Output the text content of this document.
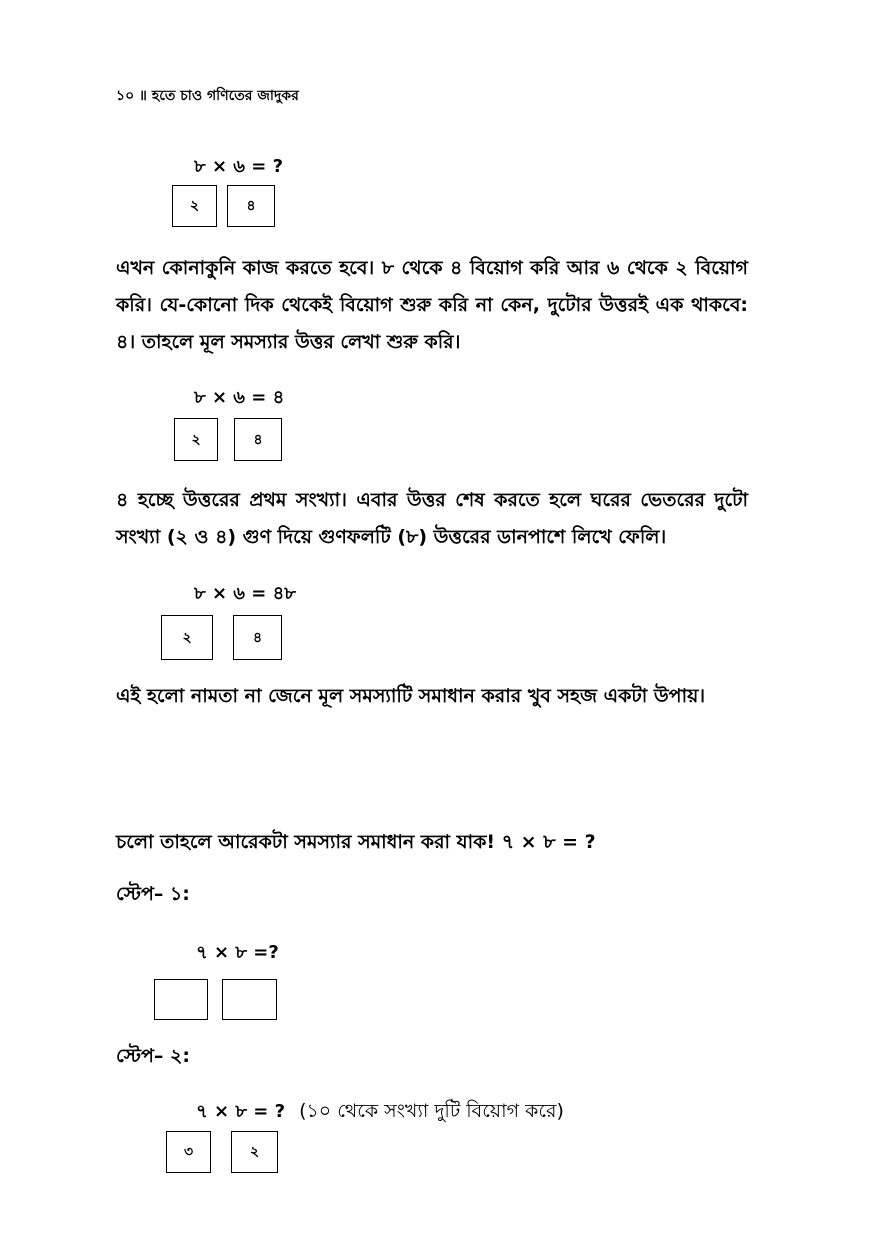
১০ ॥ হতে চাও গণিতের জাদুকর
৮ × ৬ = ?
২	৪
এখন কোনাকুনি কাজ করতে হবে। ৮ থেকে ৪ বিয়োগ করি আর ৬ থেকে ২ বিয়োগ করি। যে-কোনো দিক থেকেই বিয়োগ শুরু করি না কেন, দুটোর উত্তরই এক থাকবে: ৪। তাহলে মূল সমস্যার উত্তর লেখা শুরু করি।
৮ × ৬ = ৪
২	৪
৪ হচ্ছে উত্তরের প্রথম সংখ্যা। এবার উত্তর শেষ করতে হলে ঘরের ভেতরের দুটো সংখ্যা (২ ও ৪) গুণ দিয়ে গুণফলটি (৮) উত্তরের ডানপাশে লিখে ফেলি।
৮ × ৬ = ৪৮
২	৪
এই হলো নামতা না জেনে মূল সমস্যাটি সমাধান করার খুব সহজ একটা উপায়।
চলো তাহলে আরেকটা সমস্যার সমাধান করা যাক! ৭ × ৮ = ?
স্টেপ– ১:
৭ × ৮ =?
স্টেপ– ২:
৭ × ৮ = ? (১০ থেকে সংখ্যা দুটি বিয়োগ করে)
৩	২
